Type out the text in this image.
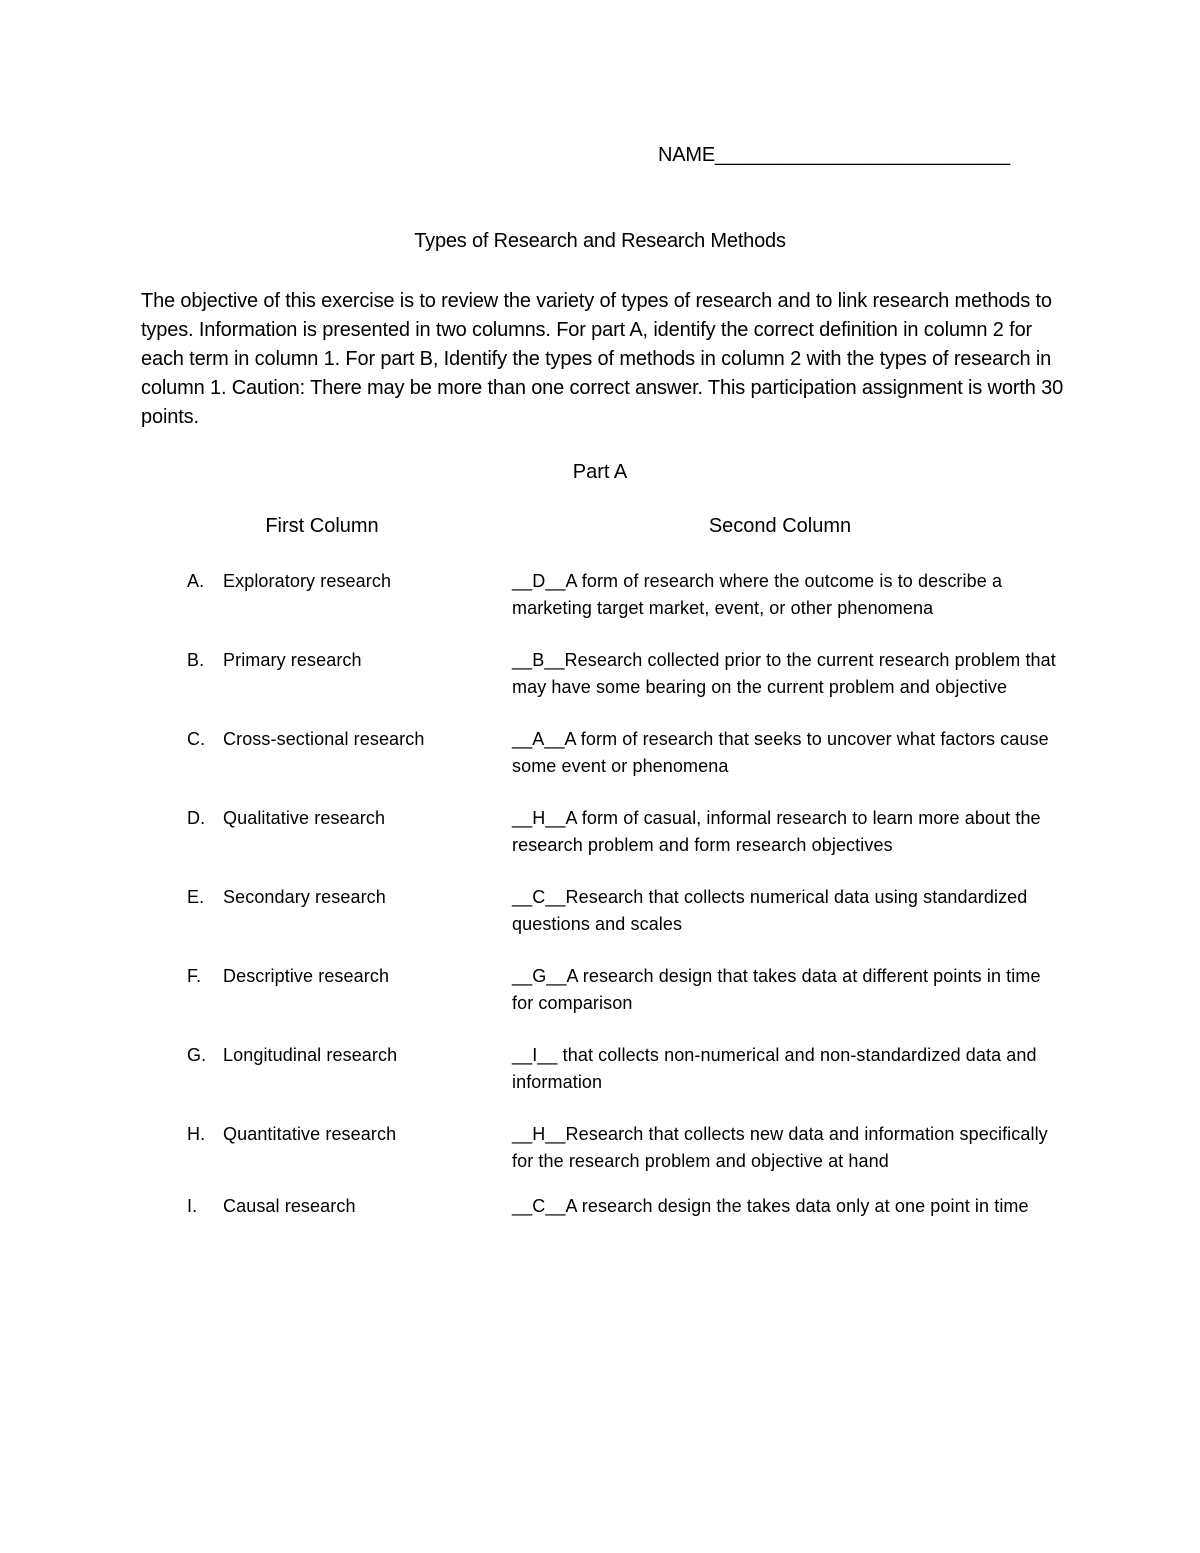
NAME___________________________
Types of Research and Research Methods
The objective of this exercise is to review the variety of types of research and to link research methods to types. Information is presented in two columns. For part A, identify the correct definition in column 2 for each term in column 1. For part B, Identify the types of methods in column 2 with the types of research in column 1. Caution: There may be more than one correct answer. This participation assignment is worth 30 points.
Part A
First Column	Second Column
A. Exploratory research	__D__A form of research where the outcome is to describe a marketing target market, event, or other phenomena
B. Primary research	__B__Research collected prior to the current research problem that may have some bearing on the current problem and objective
C. Cross-sectional research	__A__A form of research that seeks to uncover what factors cause some event or phenomena
D. Qualitative research	__H__A form of casual, informal research to learn more about the research problem and form research objectives
E. Secondary research	__C__Research that collects numerical data using standardized questions and scales
F. Descriptive research	__G__A research design that takes data at different points in time for comparison
G. Longitudinal research	__I__ that collects non-numerical and non-standardized data and information
H. Quantitative research	__H__Research that collects new data and information specifically for the research problem and objective at hand
I. Causal research	__C__A research design the takes data only at one point in time
